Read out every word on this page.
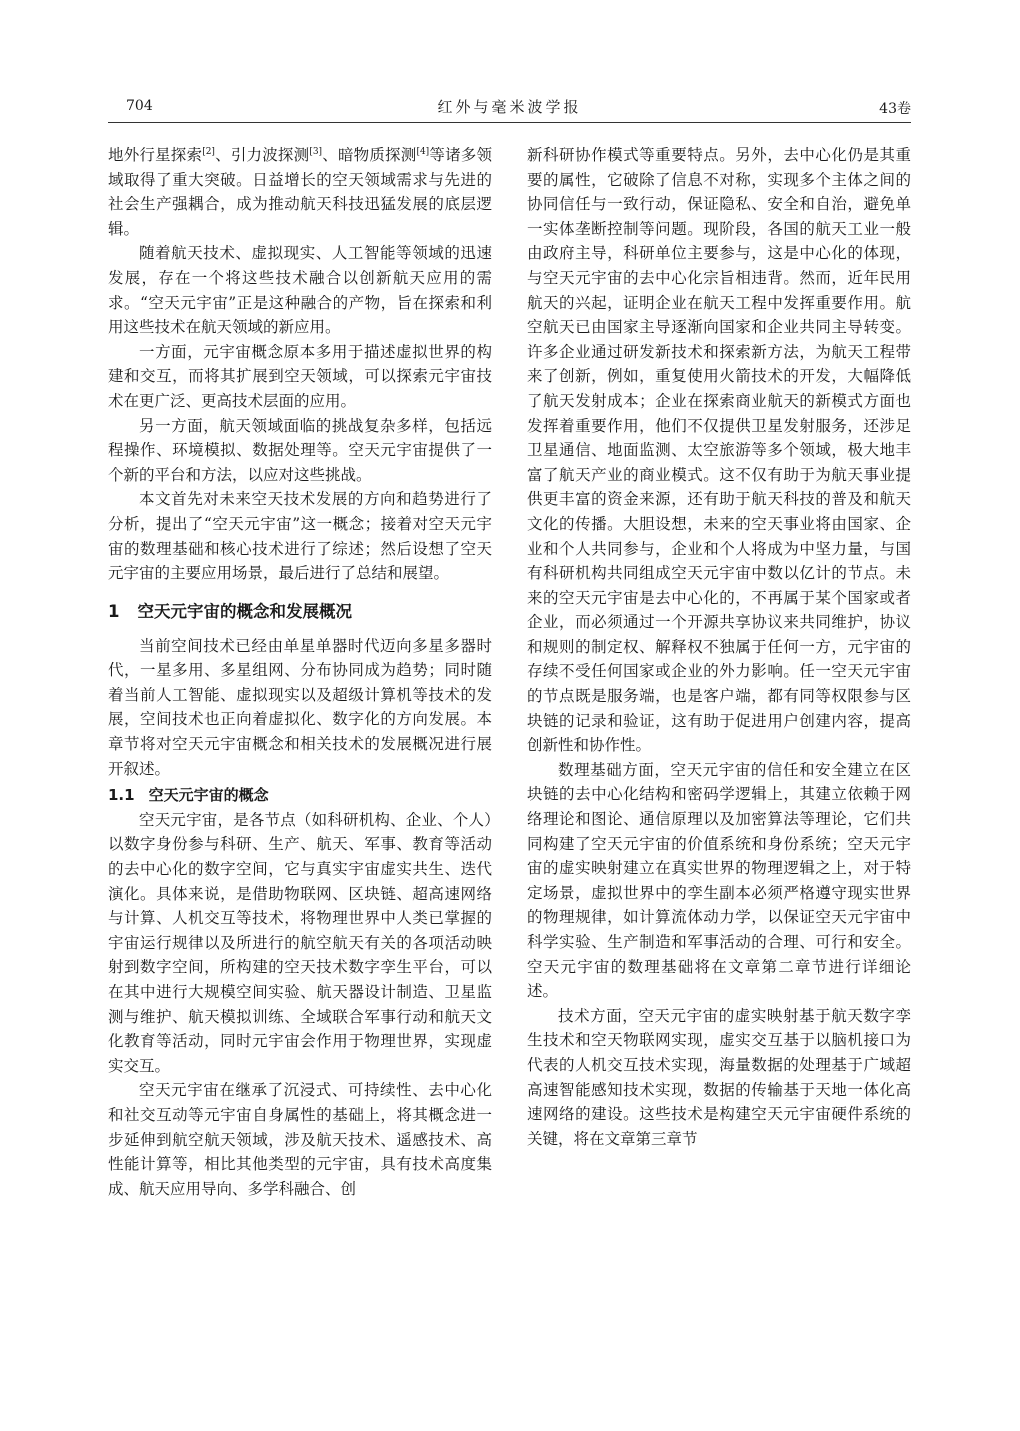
704	红外与毫米波学报	43卷

地外行星探索[2]、引力波探测[3]、暗物质探测[4]等诸多领域取得了重大突破。日益增长的空天领域需求与先进的社会生产强耦合，成为推动航天科技迅猛发展的底层逻辑。

随着航天技术、虚拟现实、人工智能等领域的迅速发展，存在一个将这些技术融合以创新航天应用的需求。“空天元宇宙”正是这种融合的产物，旨在探索和利用这些技术在航天领域的新应用。

一方面，元宇宙概念原本多用于描述虚拟世界的构建和交互，而将其扩展到空天领域，可以探索元宇宙技术在更广泛、更高技术层面的应用。

另一方面，航天领域面临的挑战复杂多样，包括远程操作、环境模拟、数据处理等。空天元宇宙提供了一个新的平台和方法，以应对这些挑战。

本文首先对未来空天技术发展的方向和趋势进行了分析，提出了“空天元宇宙”这一概念；接着对空天元宇宙的数理基础和核心技术进行了综述；然后设想了空天元宇宙的主要应用场景，最后进行了总结和展望。

1 空天元宇宙的概念和发展概况

当前空间技术已经由单星单器时代迈向多星多器时代，一星多用、多星组网、分布协同成为趋势；同时随着当前人工智能、虚拟现实以及超级计算机等技术的发展，空间技术也正向着虚拟化、数字化的方向发展。本章节将对空天元宇宙概念和相关技术的发展概况进行展开叙述。

1.1 空天元宇宙的概念

空天元宇宙，是各节点（如科研机构、企业、个人）以数字身份参与科研、生产、航天、军事、教育等活动的去中心化的数字空间，它与真实宇宙虚实共生、迭代演化。具体来说，是借助物联网、区块链、超高速网络与计算、人机交互等技术，将物理世界中人类已掌握的宇宙运行规律以及所进行的航空航天有关的各项活动映射到数字空间，所构建的空天技术数字孪生平台，可以在其中进行大规模空间实验、航天器设计制造、卫星监测与维护、航天模拟训练、全域联合军事行动和航天文化教育等活动，同时元宇宙会作用于物理世界，实现虚实交互。

空天元宇宙在继承了沉浸式、可持续性、去中心化和社交互动等元宇宙自身属性的基础上，将其概念进一步延伸到航空航天领域，涉及航天技术、遥感技术、高性能计算等，相比其他类型的元宇宙，具有技术高度集成、航天应用导向、多学科融合、创

新科研协作模式等重要特点。另外，去中心化仍是其重要的属性，它破除了信息不对称，实现多个主体之间的协同信任与一致行动，保证隐私、安全和自治，避免单一实体垄断控制等问题。现阶段，各国的航天工业一般由政府主导，科研单位主要参与，这是中心化的体现，与空天元宇宙的去中心化宗旨相违背。然而，近年民用航天的兴起，证明企业在航天工程中发挥重要作用。航空航天已由国家主导逐渐向国家和企业共同主导转变。许多企业通过研发新技术和探索新方法，为航天工程带来了创新，例如，重复使用火箭技术的开发，大幅降低了航天发射成本；企业在探索商业航天的新模式方面也发挥着重要作用，他们不仅提供卫星发射服务，还涉足卫星通信、地面监测、太空旅游等多个领域，极大地丰富了航天产业的商业模式。这不仅有助于为航天事业提供更丰富的资金来源，还有助于航天科技的普及和航天文化的传播。大胆设想，未来的空天事业将由国家、企业和个人共同参与，企业和个人将成为中坚力量，与国有科研机构共同组成空天元宇宙中数以亿计的节点。未来的空天元宇宙是去中心化的，不再属于某个国家或者企业，而必须通过一个开源共享协议来共同维护，协议和规则的制定权、解释权不独属于任何一方，元宇宙的存续不受任何国家或企业的外力影响。任一空天元宇宙的节点既是服务端，也是客户端，都有同等权限参与区块链的记录和验证，这有助于促进用户创建内容，提高创新性和协作性。

数理基础方面，空天元宇宙的信任和安全建立在区块链的去中心化结构和密码学逻辑上，其建立依赖于网络理论和图论、通信原理以及加密算法等理论，它们共同构建了空天元宇宙的价值系统和身份系统；空天元宇宙的虚实映射建立在真实世界的物理逻辑之上，对于特定场景，虚拟世界中的孪生副本必须严格遵守现实世界的物理规律，如计算流体动力学，以保证空天元宇宙中科学实验、生产制造和军事活动的合理、可行和安全。空天元宇宙的数理基础将在文章第二章节进行详细论述。

技术方面，空天元宇宙的虚实映射基于航天数字孪生技术和空天物联网实现，虚实交互基于以脑机接口为代表的人机交互技术实现，海量数据的处理基于广域超高速智能感知技术实现，数据的传输基于天地一体化高速网络的建设。这些技术是构建空天元宇宙硬件系统的关键，将在文章第三章节
